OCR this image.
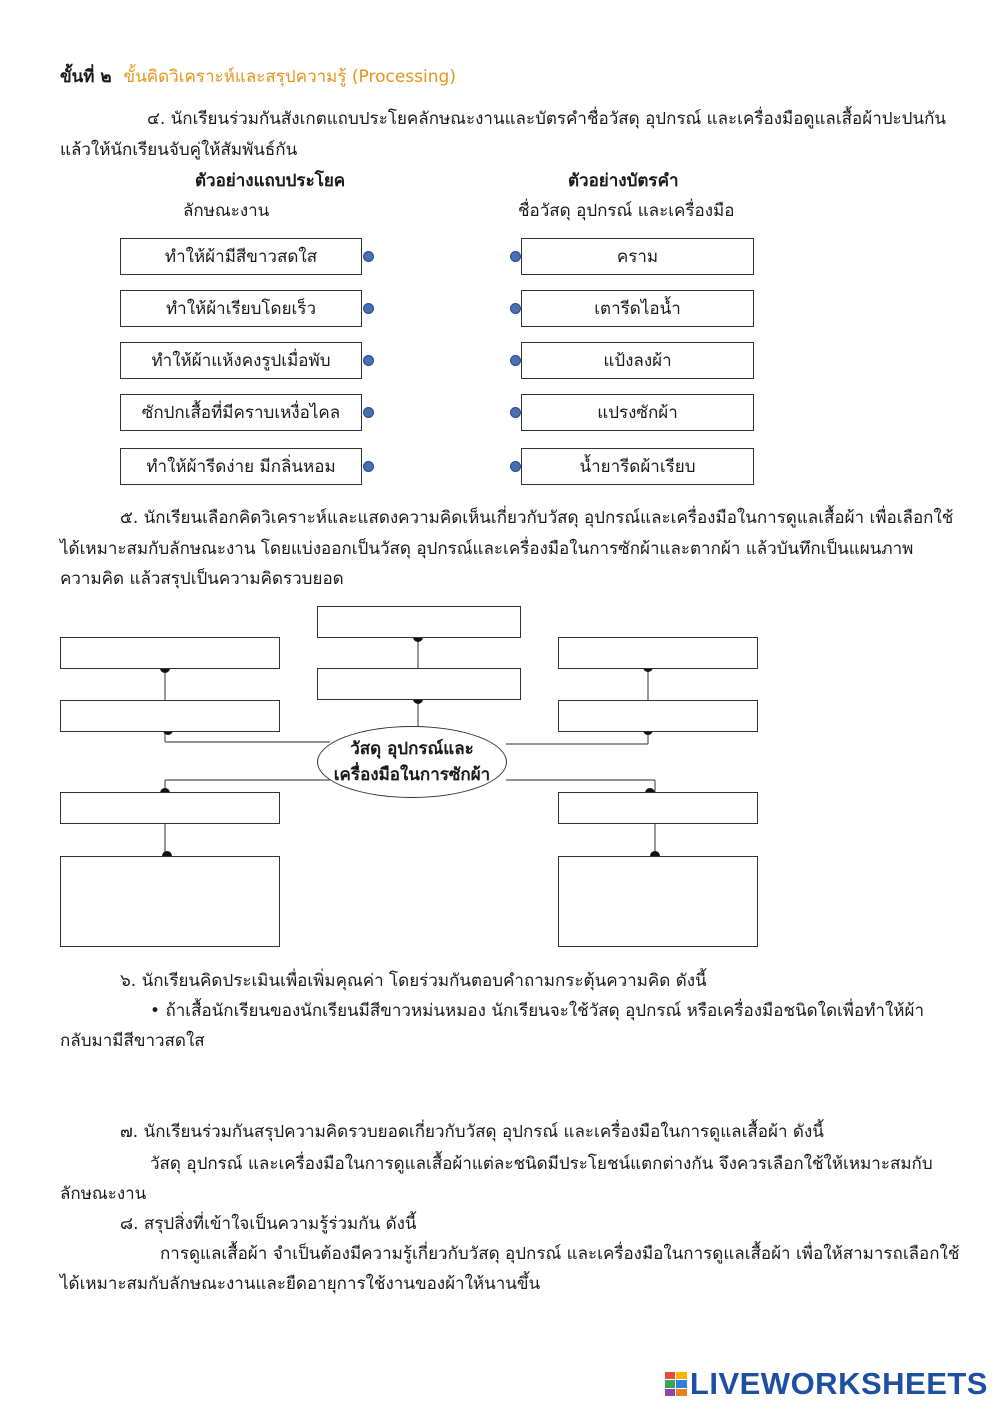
ขั้นที่ ๒ ขั้นคิดวิเคราะห์และสรุปความรู้ (Processing)
๔. นักเรียนร่วมกันสังเกตแถบประโยคลักษณะงานและบัตรคำชื่อวัสดุ อุปกรณ์ และเครื่องมือดูแลเสื้อผ้าปะปนกัน
แล้วให้นักเรียนจับคู่ให้สัมพันธ์กัน
ตัวอย่างแถบประโยค
ลักษณะงาน
ตัวอย่างบัตรคำ
ชื่อวัสดุ อุปกรณ์ และเครื่องมือ
ทำให้ผ้ามีสีขาวสดใส
ทำให้ผ้าเรียบโดยเร็ว
ทำให้ผ้าแห้งคงรูปเมื่อพับ
ซักปกเสื้อที่มีคราบเหงื่อไคล
ทำให้ผ้ารีดง่าย มีกลิ่นหอม
คราม
เตารีดไอน้ำ
แป้งลงผ้า
แปรงซักผ้า
น้ำยารีดผ้าเรียบ
๕. นักเรียนเลือกคิดวิเคราะห์และแสดงความคิดเห็นเกี่ยวกับวัสดุ อุปกรณ์และเครื่องมือในการดูแลเสื้อผ้า เพื่อเลือกใช้
ได้เหมาะสมกับลักษณะงาน โดยแบ่งออกเป็นวัสดุ อุปกรณ์และเครื่องมือในการซักผ้าและตากผ้า แล้วบันทึกเป็นแผนภาพ
ความคิด แล้วสรุปเป็นความคิดรวบยอด
วัสดุ อุปกรณ์และ
เครื่องมือในการซักผ้า
๖. นักเรียนคิดประเมินเพื่อเพิ่มคุณค่า โดยร่วมกันตอบคำถามกระตุ้นความคิด ดังนี้
• ถ้าเสื้อนักเรียนของนักเรียนมีสีขาวหม่นหมอง นักเรียนจะใช้วัสดุ อุปกรณ์ หรือเครื่องมือชนิดใดเพื่อทำให้ผ้า
กลับมามีสีขาวสดใส
๗. นักเรียนร่วมกันสรุปความคิดรวบยอดเกี่ยวกับวัสดุ อุปกรณ์ และเครื่องมือในการดูแลเสื้อผ้า ดังนี้
วัสดุ อุปกรณ์ และเครื่องมือในการดูแลเสื้อผ้าแต่ละชนิดมีประโยชน์แตกต่างกัน จึงควรเลือกใช้ให้เหมาะสมกับ
ลักษณะงาน
๘. สรุปสิ่งที่เข้าใจเป็นความรู้ร่วมกัน ดังนี้
การดูแลเสื้อผ้า จำเป็นต้องมีความรู้เกี่ยวกับวัสดุ อุปกรณ์ และเครื่องมือในการดูแลเสื้อผ้า เพื่อให้สามารถเลือกใช้
ได้เหมาะสมกับลักษณะงานและยืดอายุการใช้งานของผ้าให้นานขึ้น
LIVEWORKSHEETS
